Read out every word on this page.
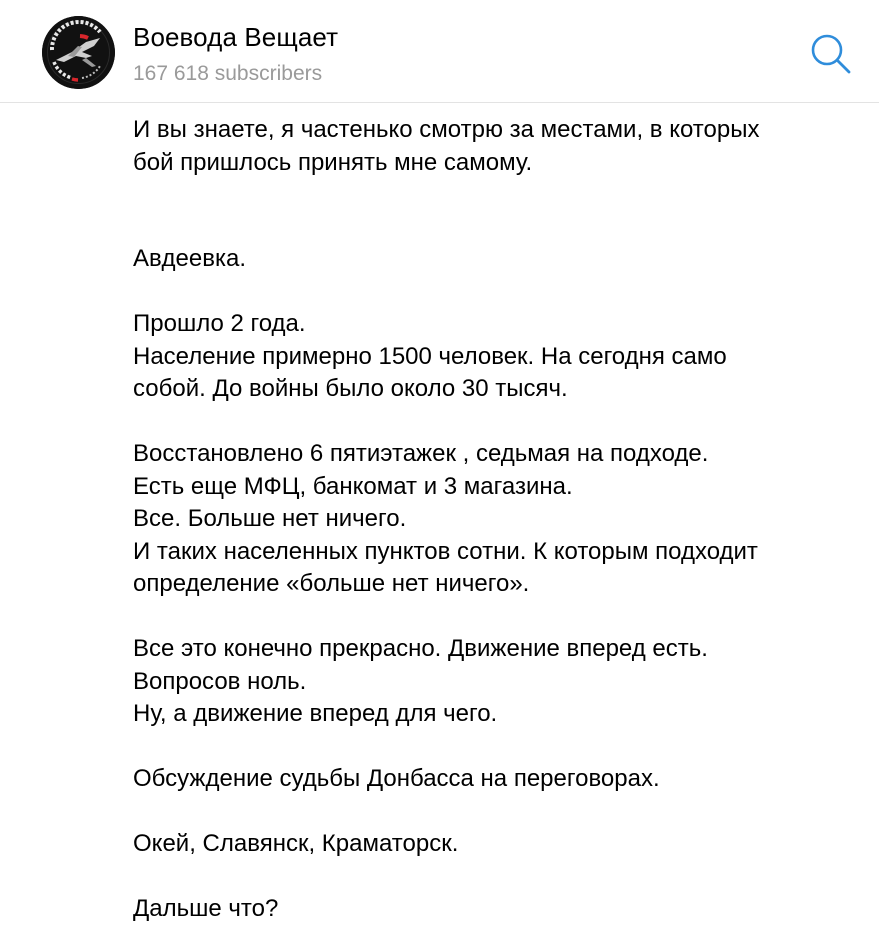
Воевода Вещает
167 618 subscribers

И вы знаете, я частенько смотрю за местами, в которых
бой пришлось принять мне самому.

Авдеевка.

Прошло 2 года.
Население примерно 1500 человек. На сегодня само
собой. До войны было около 30 тысяч.

Восстановлено 6 пятиэтажек , седьмая на подходе.
Есть еще МФЦ, банкомат и 3 магазина.
Все. Больше нет ничего.
И таких населенных пунктов сотни. К которым подходит
определение «больше нет ничего».

Все это конечно прекрасно. Движение вперед есть.
Вопросов ноль.
Ну, а движение вперед для чего.

Обсуждение судьбы Донбасса на переговорах.

Окей, Славянск, Краматорск.

Дальше что?
